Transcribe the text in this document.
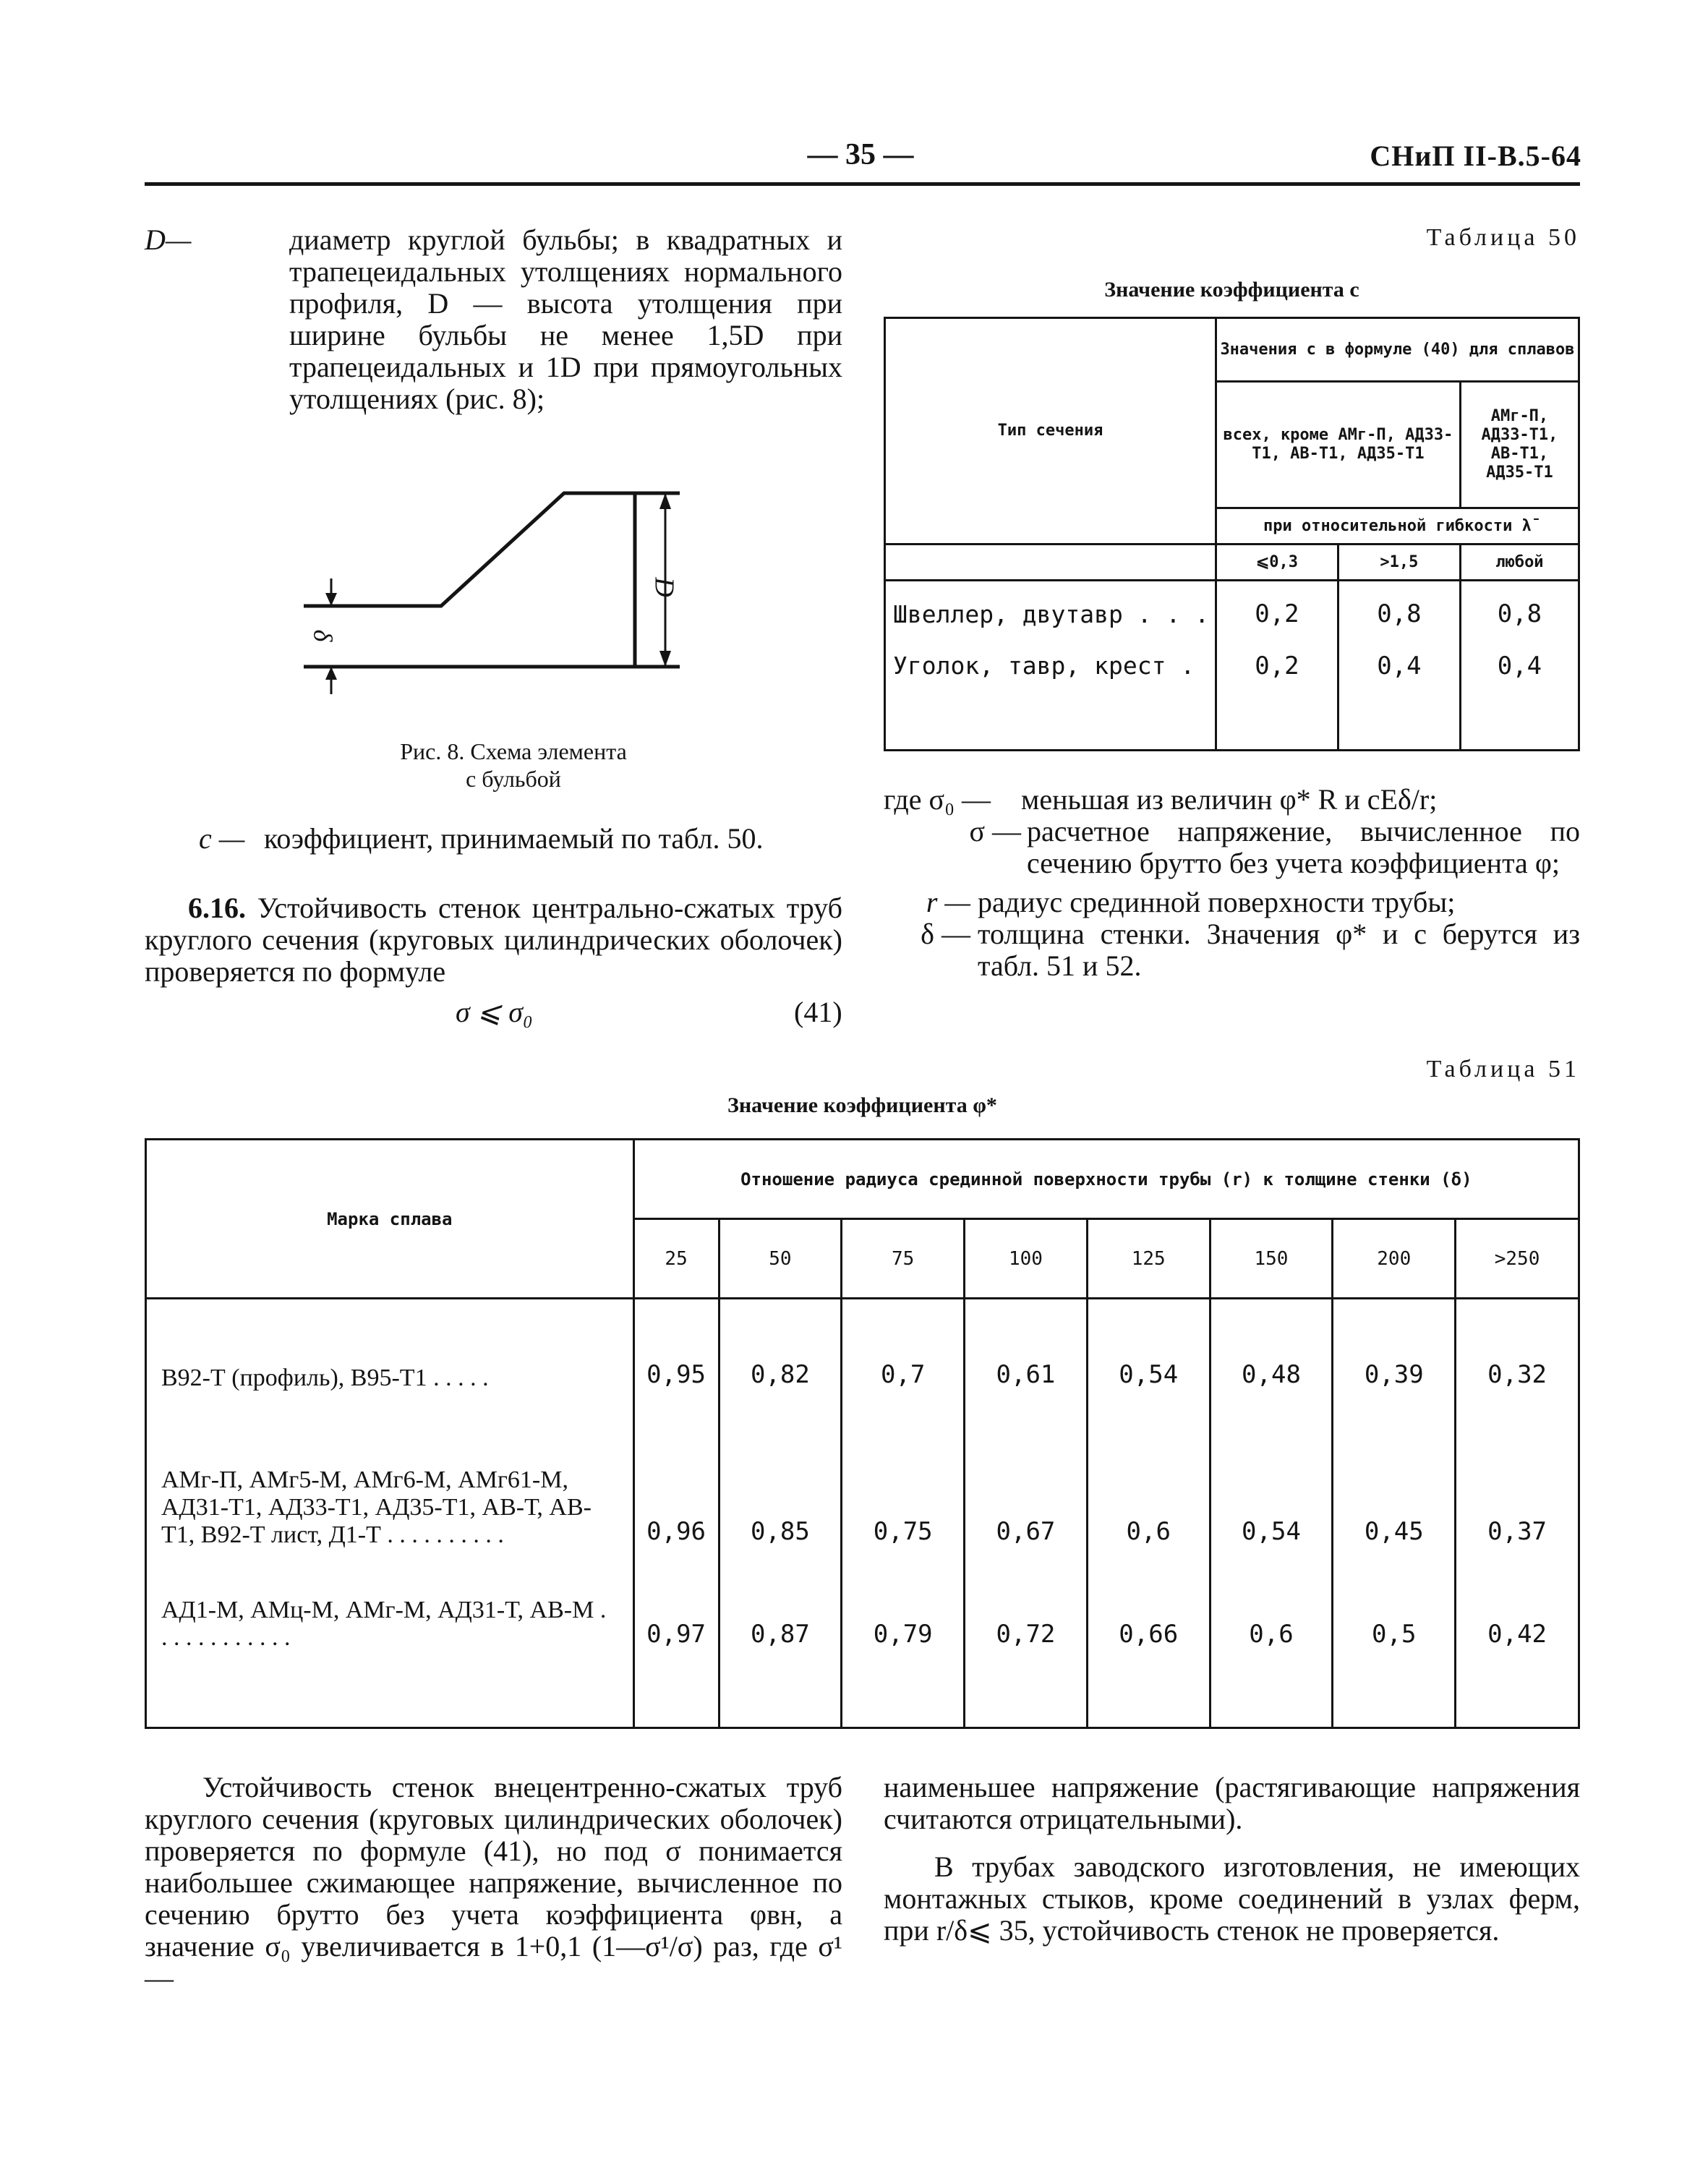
— 35 —	СНиП II-В.5-64
D—	диаметр круглой бульбы; в квадратных и трапецеидальных утолщениях нормального профиля, D — высота утолщения при ширине бульбы не менее 1,5D при трапецеидальных и 1D при прямоугольных утолщениях (рис. 8);
D
δ
Рис. 8. Схема элемента
с бульбой
c — коэффициент, принимаемый по табл. 50.
6.16. Устойчивость стенок центрально-сжатых труб круглого сечения (круговых цилиндрических оболочек) проверяется по формуле
σ ⩽ σ₀	(41)
Таблица 50
Значение коэффициента c
Тип сечения	Значения c в формуле (40) для сплавов		
	всех, кроме АМг-П, АД33-Т1, АВ-Т1, АД35-Т1		АМг-П, АД33-Т1, АВ-Т1, АД35-Т1
	при относительной гибкости λ̄		
	⩽0,3	>1,5	любой
Швеллер, двутавр . . .	0,2	0,8	0,8
Уголок, тавр, крест .	0,2	0,4	0,4
где σ₀ —	меньшая из величин φ* R и cEδ/r;
σ — расчетное напряжение, вычисленное по сечению брутто без учета коэффициента φ;
r — радиус срединной поверхности трубы;
δ — толщина стенки. Значения φ* и c берутся из табл. 51 и 52.
Таблица 51
Значение коэффициента φ*
Марка сплава	Отношение радиуса срединной поверхности трубы (r) к толщине стенки (δ)							
	25	50	75	100	125	150	200	>250
В92-Т (профиль), В95-Т1 . . . . .	0,95	0,82	0,7	0,61	0,54	0,48	0,39	0,32
АМг-П, АМг5-М, АМг6-М, АМг61-М, АД31-Т1, АД33-Т1, АД35-Т1, АВ-Т, АВ-Т1, В92-Т лист, Д1-Т . . . . . . . . . .	0,96	0,85	0,75	0,67	0,6	0,54	0,45	0,37
АД1-М, АМц-М, АМг-М, АД31-Т, АВ-М . . . . . . . . . . . .	0,97	0,87	0,79	0,72	0,66	0,6	0,5	0,42

Устойчивость стенок внецентренно-сжатых труб круглого сечения (круговых цилиндрических оболочек) проверяется по формуле (41), но под σ понимается наибольшее сжимающее напряжение, вычисленное по сечению брутто без учета коэффициента φвн, а значение σ₀ увеличивается в 1+0,1 (1—σ¹/σ) раз, где σ¹—
наименьшее напряжение (растягивающие напряжения считаются отрицательными).
В трубах заводского изготовления, не имеющих монтажных стыков, кроме соединений в узлах ферм, при r/δ⩽ 35, устойчивость стенок не проверяется.
